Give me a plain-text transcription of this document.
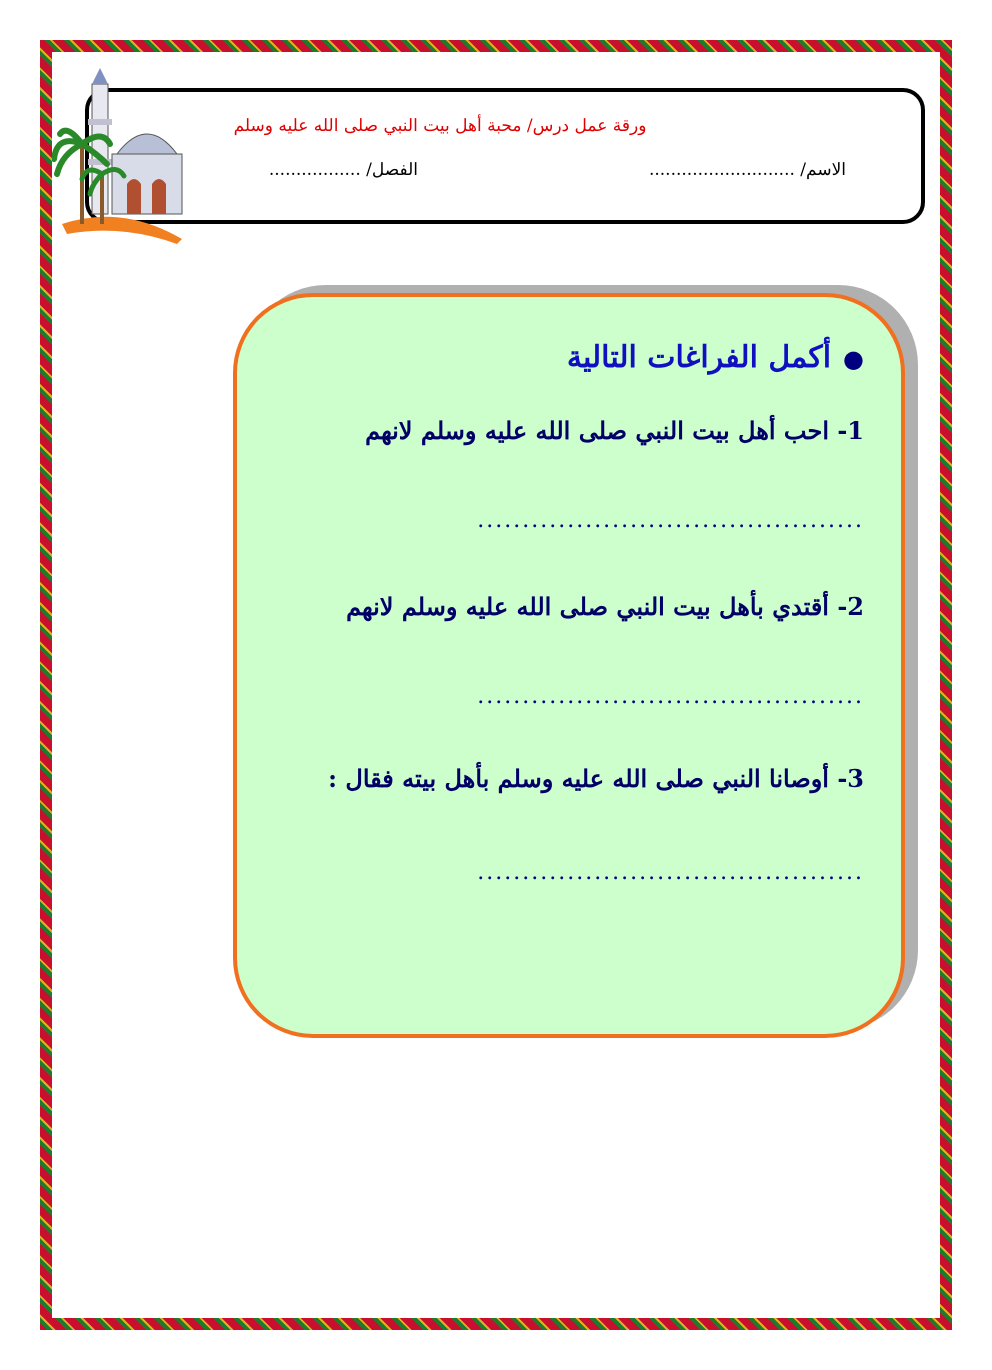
ورقة عمل درس/ محبة أهل بيت النبي صلى الله عليه وسلم
الاسم/ ...........................
الفصل/ .................
●أكمل الفراغات التالية
1- احب أهل بيت النبي صلى الله عليه وسلم لانهم
...........................................
2- أقتدي بأهل بيت النبي صلى الله عليه وسلم لانهم
...........................................
3- أوصانا النبي صلى الله عليه وسلم بأهل بيته فقال :
...........................................
